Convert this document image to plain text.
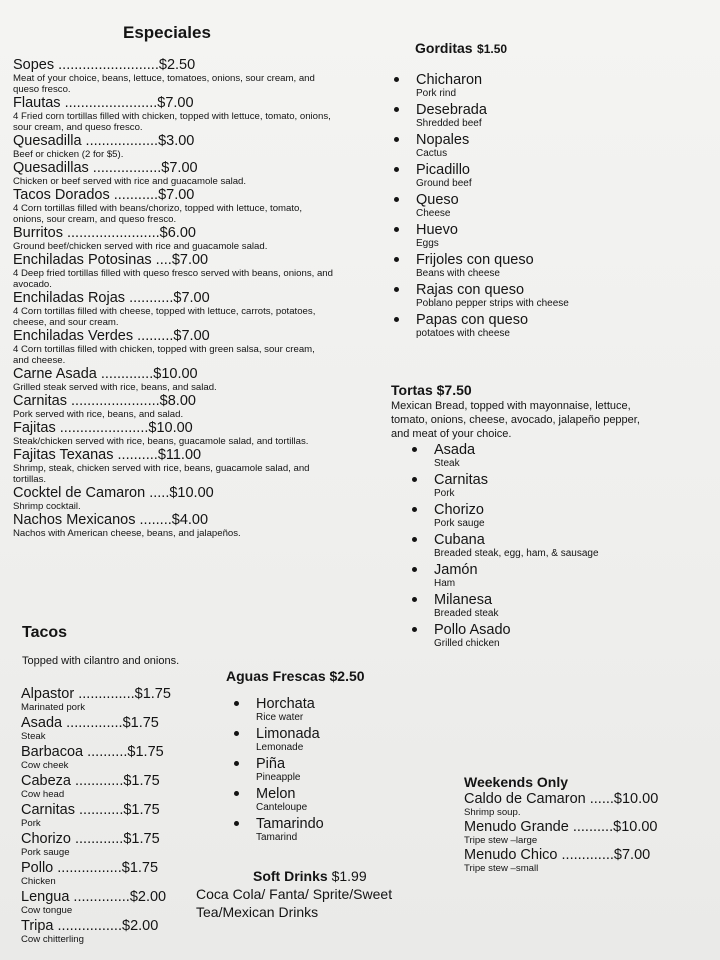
Especiales
Sopes .........................$2.50
Meat of your choice, beans, lettuce, tomatoes, onions, sour cream, and queso fresco.
Flautas .......................$7.00
4 Fried corn tortillas filled with chicken, topped with lettuce, tomato, onions, sour cream, and queso fresco.
Quesadilla ..................$3.00
Beef or chicken (2 for $5).
Quesadillas .................$7.00
Chicken or beef served with rice and guacamole salad.
Tacos Dorados ...........$7.00
4 Corn tortillas filled with beans/chorizo, topped with lettuce, tomato, onions, sour cream, and queso fresco.
Burritos .......................$6.00
Ground beef/chicken served with rice and guacamole salad.
Enchiladas Potosinas ....$7.00
4 Deep fried tortillas filled with queso fresco served with beans, onions, and avocado.
Enchiladas Rojas ...........$7.00
4 Corn tortillas filled with cheese, topped with lettuce, carrots, potatoes, cheese, and sour cream.
Enchiladas Verdes .........$7.00
4 Corn tortillas filled with chicken, topped with green salsa, sour cream, and cheese.
Carne Asada .............$10.00
Grilled steak served with rice, beans, and salad.
Carnitas ......................$8.00
Pork served with rice, beans, and salad.
Fajitas ......................$10.00
Steak/chicken served with rice, beans, guacamole salad, and tortillas.
Fajitas Texanas ..........$11.00
Shrimp, steak, chicken served with rice, beans, guacamole salad, and tortillas.
Cocktel de Camaron .....$10.00
Shrimp cocktail.
Nachos Mexicanos ........$4.00
Nachos with American cheese, beans, and jalapeños.
Tacos
Topped with cilantro and onions.
Alpastor ..............$1.75
Marinated pork
Asada ..............$1.75
Steak
Barbacoa ..........$1.75
Cow cheek
Cabeza ............$1.75
Cow head
Carnitas ...........$1.75
Pork
Chorizo ............$1.75
Pork sauge
Pollo ................$1.75
Chicken
Lengua ..............$2.00
Cow tongue
Tripa ................$2.00
Cow chitterling
Aguas Frescas $2.50
Horchata
Rice water
Limonada
Lemonade
Piña
Pineapple
Melon
Canteloupe
Tamarindo
Tamarind
Soft Drinks $1.99
Coca Cola/ Fanta/ Sprite/Sweet
Tea/Mexican Drinks
Gorditas $1.50
Chicharon
Pork rind
Desebrada
Shredded beef
Nopales
Cactus
Picadillo
Ground beef
Queso
Cheese
Huevo
Eggs
Frijoles con queso
Beans with cheese
Rajas con queso
Poblano pepper strips with cheese
Papas con queso
potatoes with cheese
Tortas $7.50
Mexican Bread, topped with mayonnaise, lettuce, tomato, onions, cheese, avocado, jalapeño pepper, and meat of your choice.
Asada
Steak
Carnitas
Pork
Chorizo
Pork sauge
Cubana
Breaded steak, egg, ham, & sausage
Jamón
Ham
Milanesa
Breaded steak
Pollo Asado
Grilled chicken
Weekends Only
Caldo de Camaron ......$10.00
Shrimp soup.
Menudo Grande ..........$10.00
Tripe stew –large
Menudo Chico .............$7.00
Tripe stew –small
